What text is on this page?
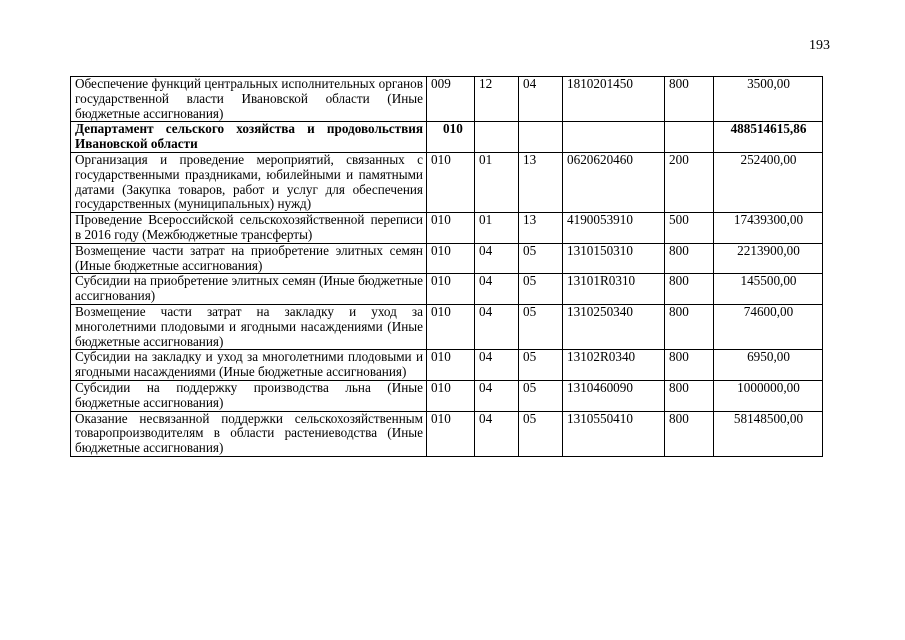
193
Обеспечение функций центральных исполнительных органов государственной власти Ивановской области (Иные бюджетные ассигнования)	009	12	04	1810201450	800	3500,00
Департамент сельского хозяйства и продовольствия Ивановской области	010					488514615,86
Организация и проведение мероприятий, связанных с государственными праздниками, юбилейными и памятными датами (Закупка товаров, работ и услуг для обеспечения государственных (муниципальных) нужд)	010	01	13	0620620460	200	252400,00
Проведение Всероссийской сельскохозяйственной переписи в 2016 году (Межбюджетные трансферты)	010	01	13	4190053910	500	17439300,00
Возмещение части затрат на приобретение элитных семян (Иные бюджетные ассигнования)	010	04	05	1310150310	800	2213900,00
Субсидии на приобретение элитных семян (Иные бюджетные ассигнования)	010	04	05	13101R0310	800	145500,00
Возмещение части затрат на закладку и уход за многолетними плодовыми и ягодными насаждениями (Иные бюджетные ассигнования)	010	04	05	1310250340	800	74600,00
Субсидии на закладку и уход за многолетними плодовыми и ягодными насаждениями (Иные бюджетные ассигнования)	010	04	05	13102R0340	800	6950,00
Субсидии на поддержку производства льна (Иные бюджетные ассигнования)	010	04	05	1310460090	800	1000000,00
Оказание несвязанной поддержки сельскохозяйственным товаропроизводителям в области растениеводства (Иные бюджетные ассигнования)	010	04	05	1310550410	800	58148500,00
